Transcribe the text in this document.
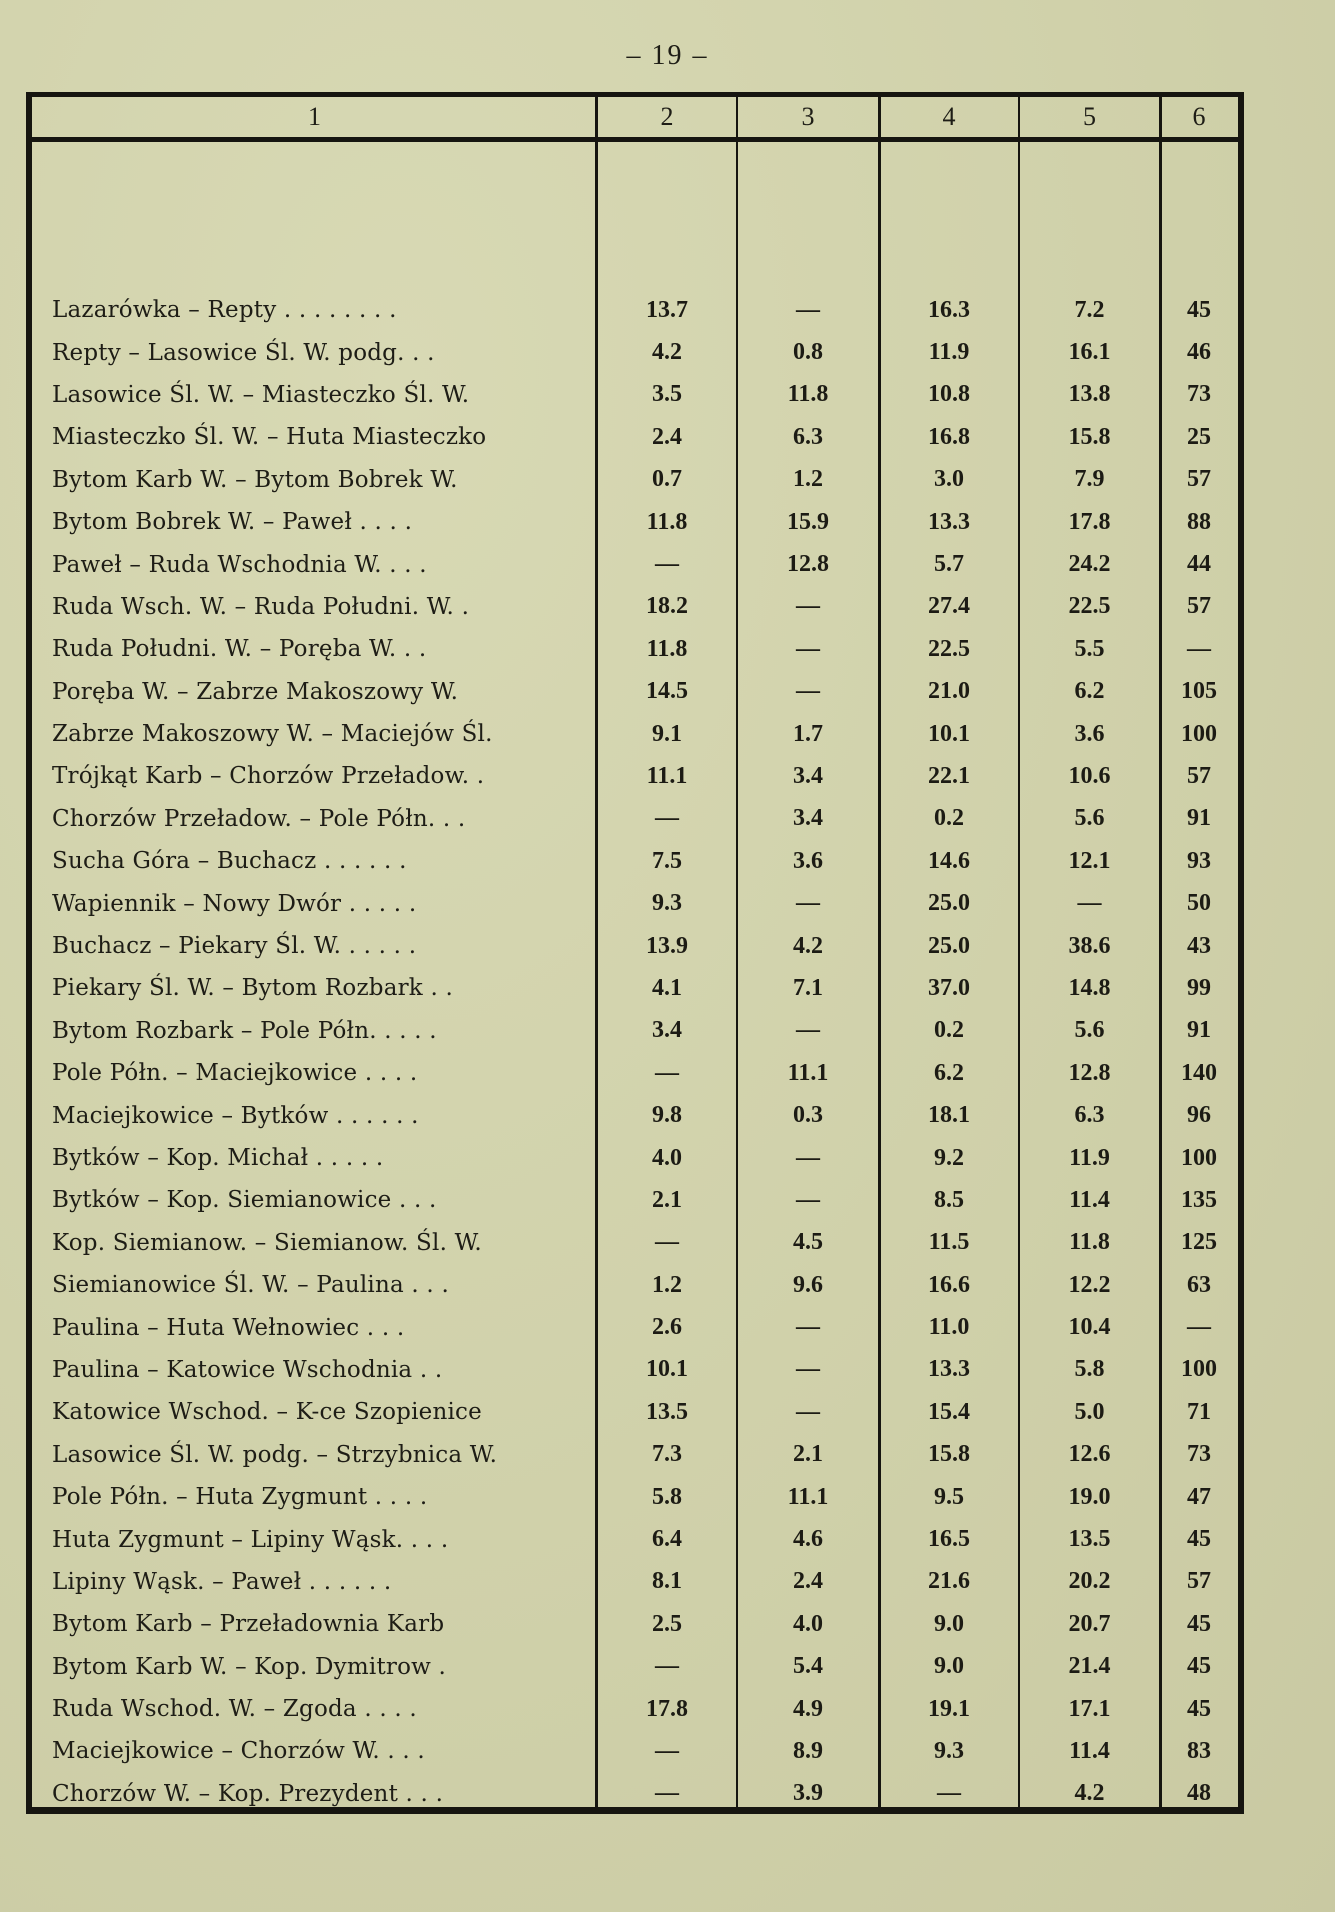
– 19 –
1	2	3	4	5	6
Lazarówka – Repty . . . . . . . .	13.7	—	16.3	7.2	45
Repty – Lasowice Śl. W. podg. . .	4.2	0.8	11.9	16.1	46
Lasowice Śl. W. – Miasteczko Śl. W.	3.5	11.8	10.8	13.8	73
Miasteczko Śl. W. – Huta Miasteczko	2.4	6.3	16.8	15.8	25
Bytom Karb W. – Bytom Bobrek W.	0.7	1.2	3.0	7.9	57
Bytom Bobrek W. – Paweł . . . .	11.8	15.9	13.3	17.8	88
Paweł – Ruda Wschodnia W. . . .	—	12.8	5.7	24.2	44
Ruda Wsch. W. – Ruda Południ. W. .	18.2	—	27.4	22.5	57
Ruda Południ. W. – Poręba W. . .	11.8	—	22.5	5.5	—
Poręba W. – Zabrze Makoszowy W.	14.5	—	21.0	6.2	105
Zabrze Makoszowy W. – Maciejów Śl.	9.1	1.7	10.1	3.6	100
Trójkąt Karb – Chorzów Przeładow. .	11.1	3.4	22.1	10.6	57
Chorzów Przeładow. – Pole Półn. . .	—	3.4	0.2	5.6	91
Sucha Góra – Buchacz . . . . . .	7.5	3.6	14.6	12.1	93
Wapiennik – Nowy Dwór . . . . .	9.3	—	25.0	—	50
Buchacz – Piekary Śl. W. . . . . .	13.9	4.2	25.0	38.6	43
Piekary Śl. W. – Bytom Rozbark . .	4.1	7.1	37.0	14.8	99
Bytom Rozbark – Pole Półn. . . . .	3.4	—	0.2	5.6	91
Pole Półn. – Maciejkowice . . . .	—	11.1	6.2	12.8	140
Maciejkowice – Bytków . . . . . .	9.8	0.3	18.1	6.3	96
Bytków – Kop. Michał . . . . .	4.0	—	9.2	11.9	100
Bytków – Kop. Siemianowice . . .	2.1	—	8.5	11.4	135
Kop. Siemianow. – Siemianow. Śl. W.	—	4.5	11.5	11.8	125
Siemianowice Śl. W. – Paulina . . .	1.2	9.6	16.6	12.2	63
Paulina – Huta Wełnowiec . . .	2.6	—	11.0	10.4	—
Paulina – Katowice Wschodnia . .	10.1	—	13.3	5.8	100
Katowice Wschod. – K-ce Szopienice	13.5	—	15.4	5.0	71
Lasowice Śl. W. podg. – Strzybnica W.	7.3	2.1	15.8	12.6	73
Pole Półn. – Huta Zygmunt . . . .	5.8	11.1	9.5	19.0	47
Huta Zygmunt – Lipiny Wąsk. . . .	6.4	4.6	16.5	13.5	45
Lipiny Wąsk. – Paweł . . . . . .	8.1	2.4	21.6	20.2	57
Bytom Karb – Przeładownia Karb	2.5	4.0	9.0	20.7	45
Bytom Karb W. – Kop. Dymitrow .	—	5.4	9.0	21.4	45
Ruda Wschod. W. – Zgoda . . . .	17.8	4.9	19.1	17.1	45
Maciejkowice – Chorzów W. . . .	—	8.9	9.3	11.4	83
Chorzów W. – Kop. Prezydent . . .	—	3.9	—	4.2	48
